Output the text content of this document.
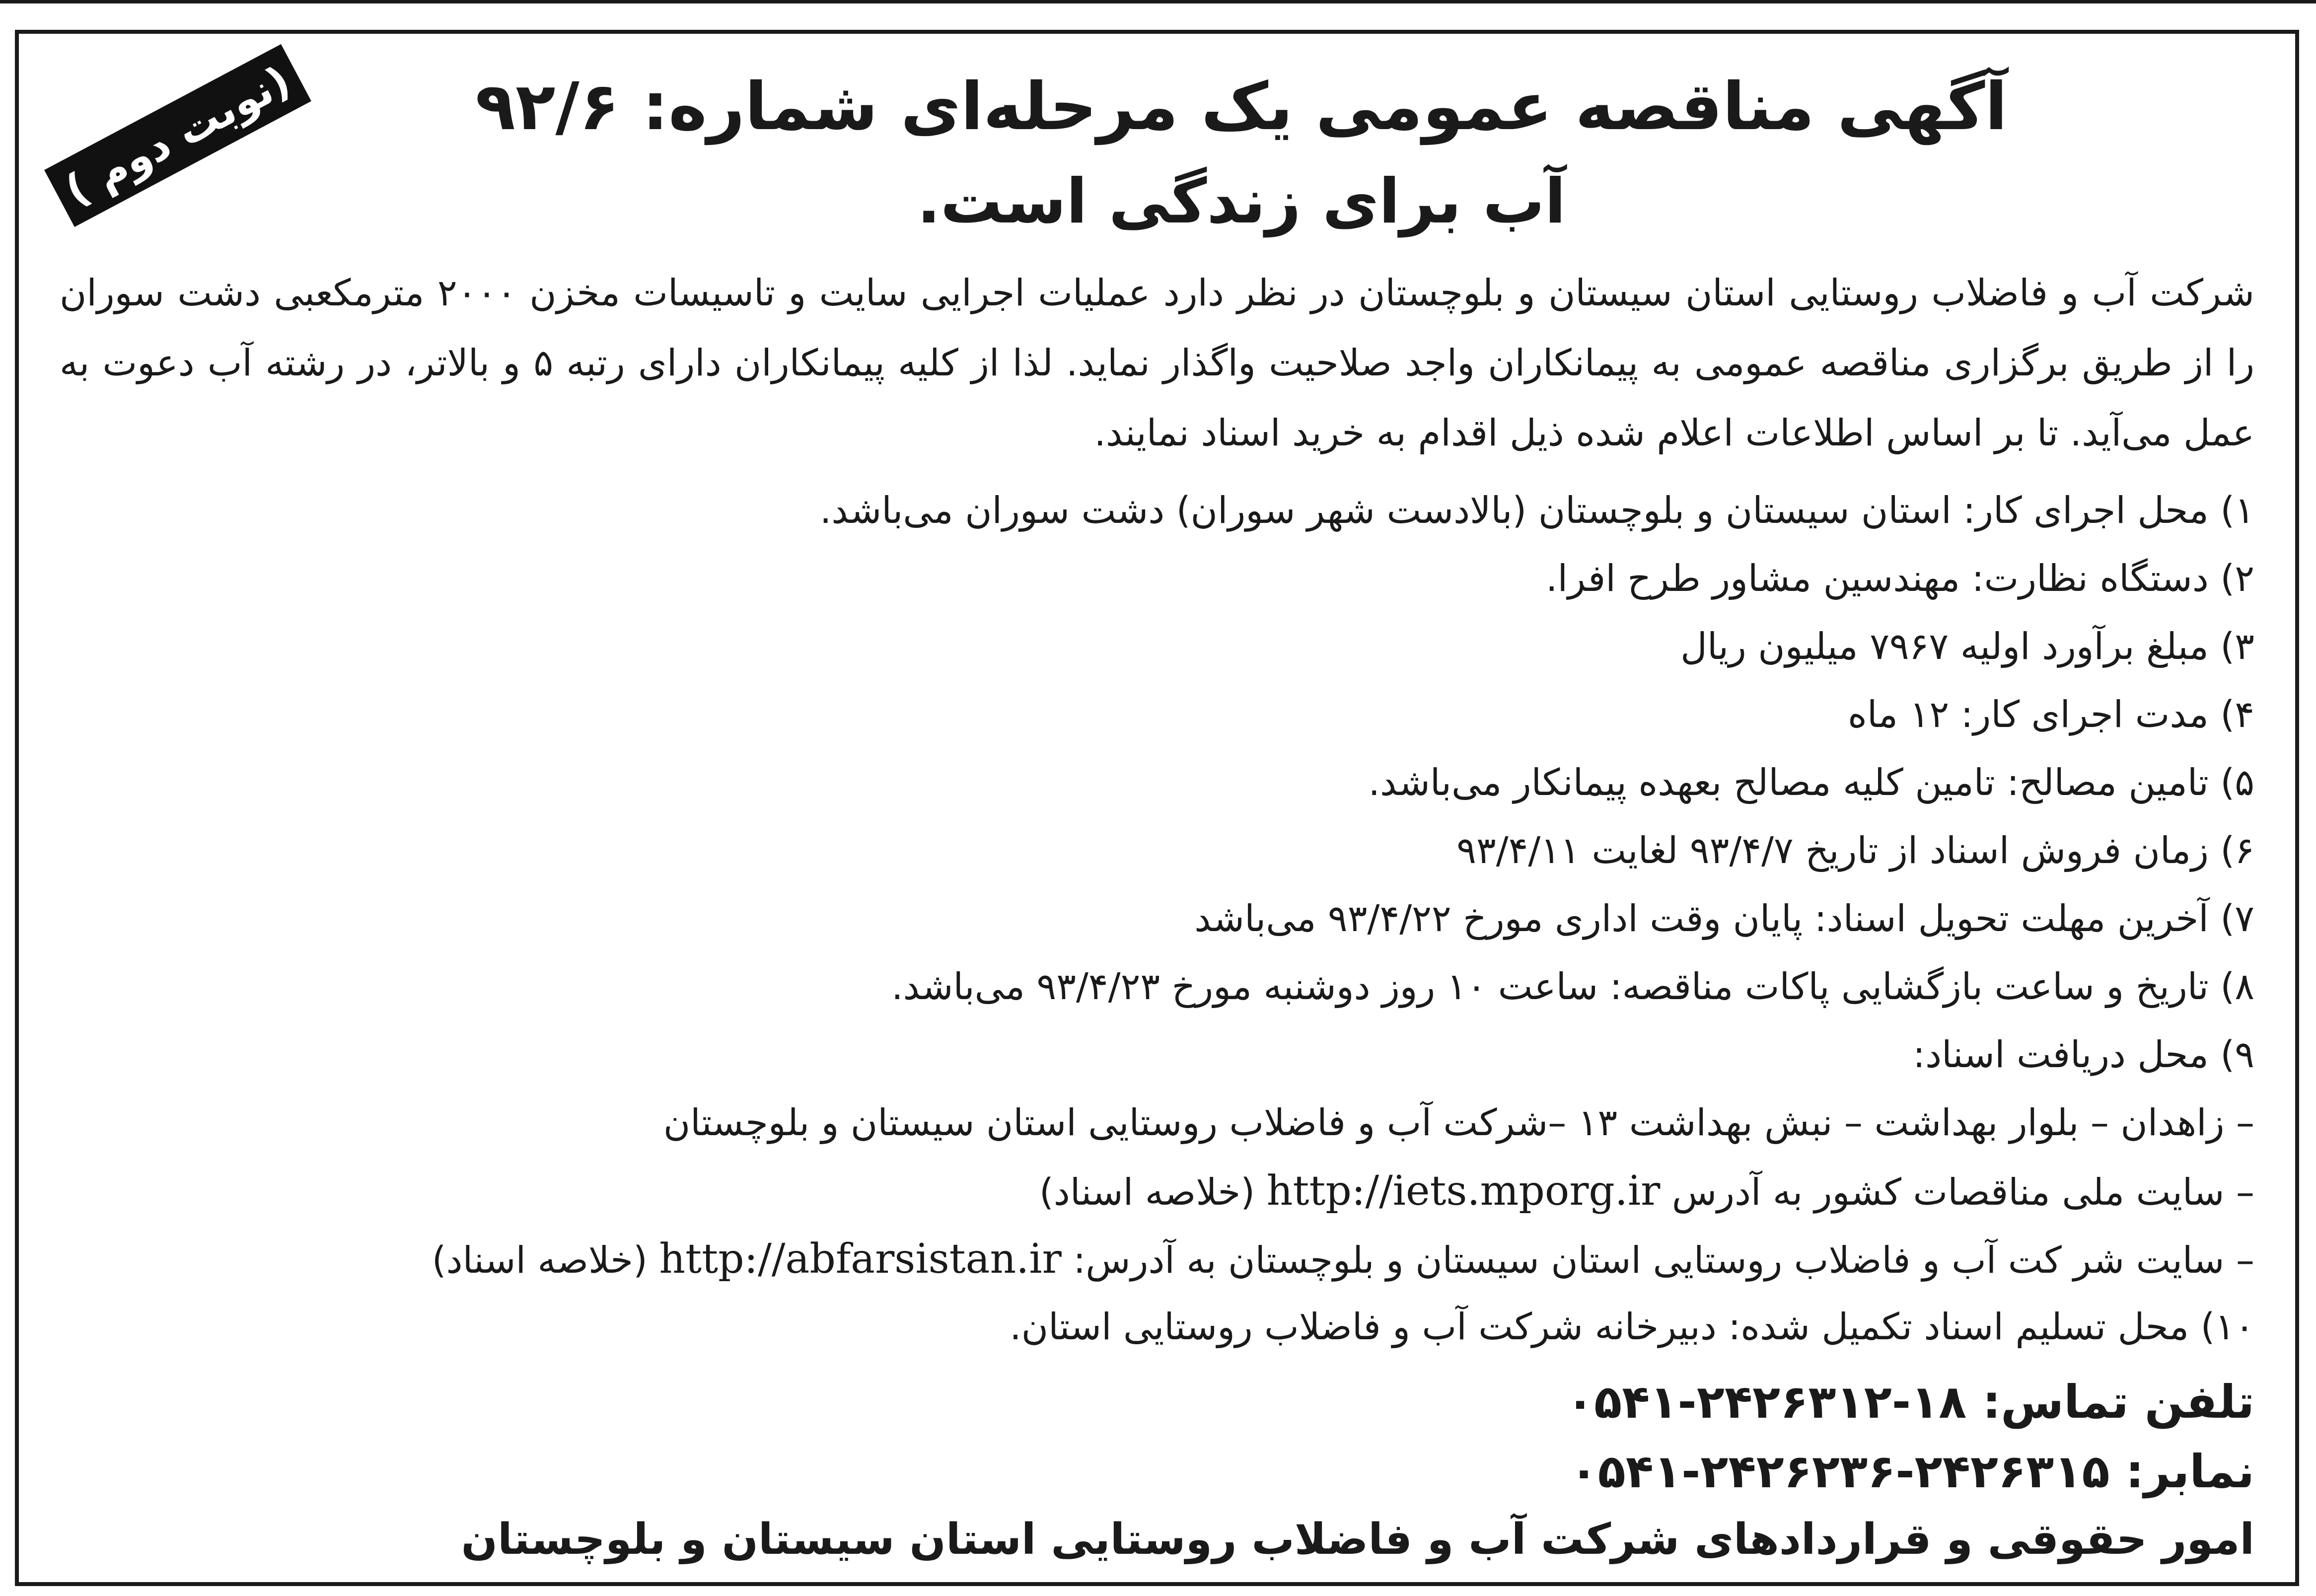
(نوبت دوم )	آگهی مناقصه عمومی یک مرحله‌ای شماره: ۹۲/۶
آب برای زندگی است.
شرکت آب و فاضلاب روستایی استان سیستان و بلوچستان در نظر دارد عملیات اجرایی سایت و تاسیسات مخزن ۲۰۰۰ مترمکعبی دشت سوران را از طریق برگزاری مناقصه عمومی به پیمانکاران واجد صلاحیت واگذار نماید. لذا از کلیه پیمانکاران دارای رتبه ۵ و بالاتر، در رشته آب دعوت به عمل می‌آید. تا بر اساس اطلاعات اعلام شده ذیل اقدام به خرید اسناد نمایند.
۱) محل اجرای کار: استان سیستان و بلوچستان (بالادست شهر سوران) دشت سوران می‌باشد.
۲) دستگاه نظارت: مهندسین مشاور طرح افرا.
۳) مبلغ برآورد اولیه ۷۹۶۷ میلیون ریال
۴) مدت اجرای کار: ۱۲ ماه
۵) تامین مصالح: تامین کلیه مصالح بعهده پیمانکار می‌باشد.
۶) زمان فروش اسناد از تاریخ ۹۳/۴/۷ لغایت ۹۳/۴/۱۱
۷) آخرین مهلت تحویل اسناد: پایان وقت اداری مورخ ۹۳/۴/۲۲ می‌باشد
۸) تاریخ و ساعت بازگشایی پاکات مناقصه: ساعت ۱۰ روز دوشنبه مورخ ۹۳/۴/۲۳ می‌باشد.
۹) محل دریافت اسناد:
– زاهدان – بلوار بهداشت – نبش بهداشت ۱۳ –شرکت آب و فاضلاب روستایی استان سیستان و بلوچستان
– سایت ملی مناقصات کشور به آدرس http://iets.mporg.ir (خلاصه اسناد)
– سایت شر کت آب و فاضلاب روستایی استان سیستان و بلوچستان به آدرس: http://abfarsistan.ir (خلاصه اسناد)
۱۰) محل تسلیم اسناد تکمیل شده: دبیرخانه شرکت آب و فاضلاب روستایی استان.
تلفن تماس: ۱۸-۲۴۲۶۳۱۲-۰۵۴۱
نمابر: ۲۴۲۶۳۱۵-۲۴۲۶۲۳۶-۰۵۴۱
امور حقوقی و قراردادهای شرکت آب و فاضلاب روستایی استان سیستان و بلوچستان
